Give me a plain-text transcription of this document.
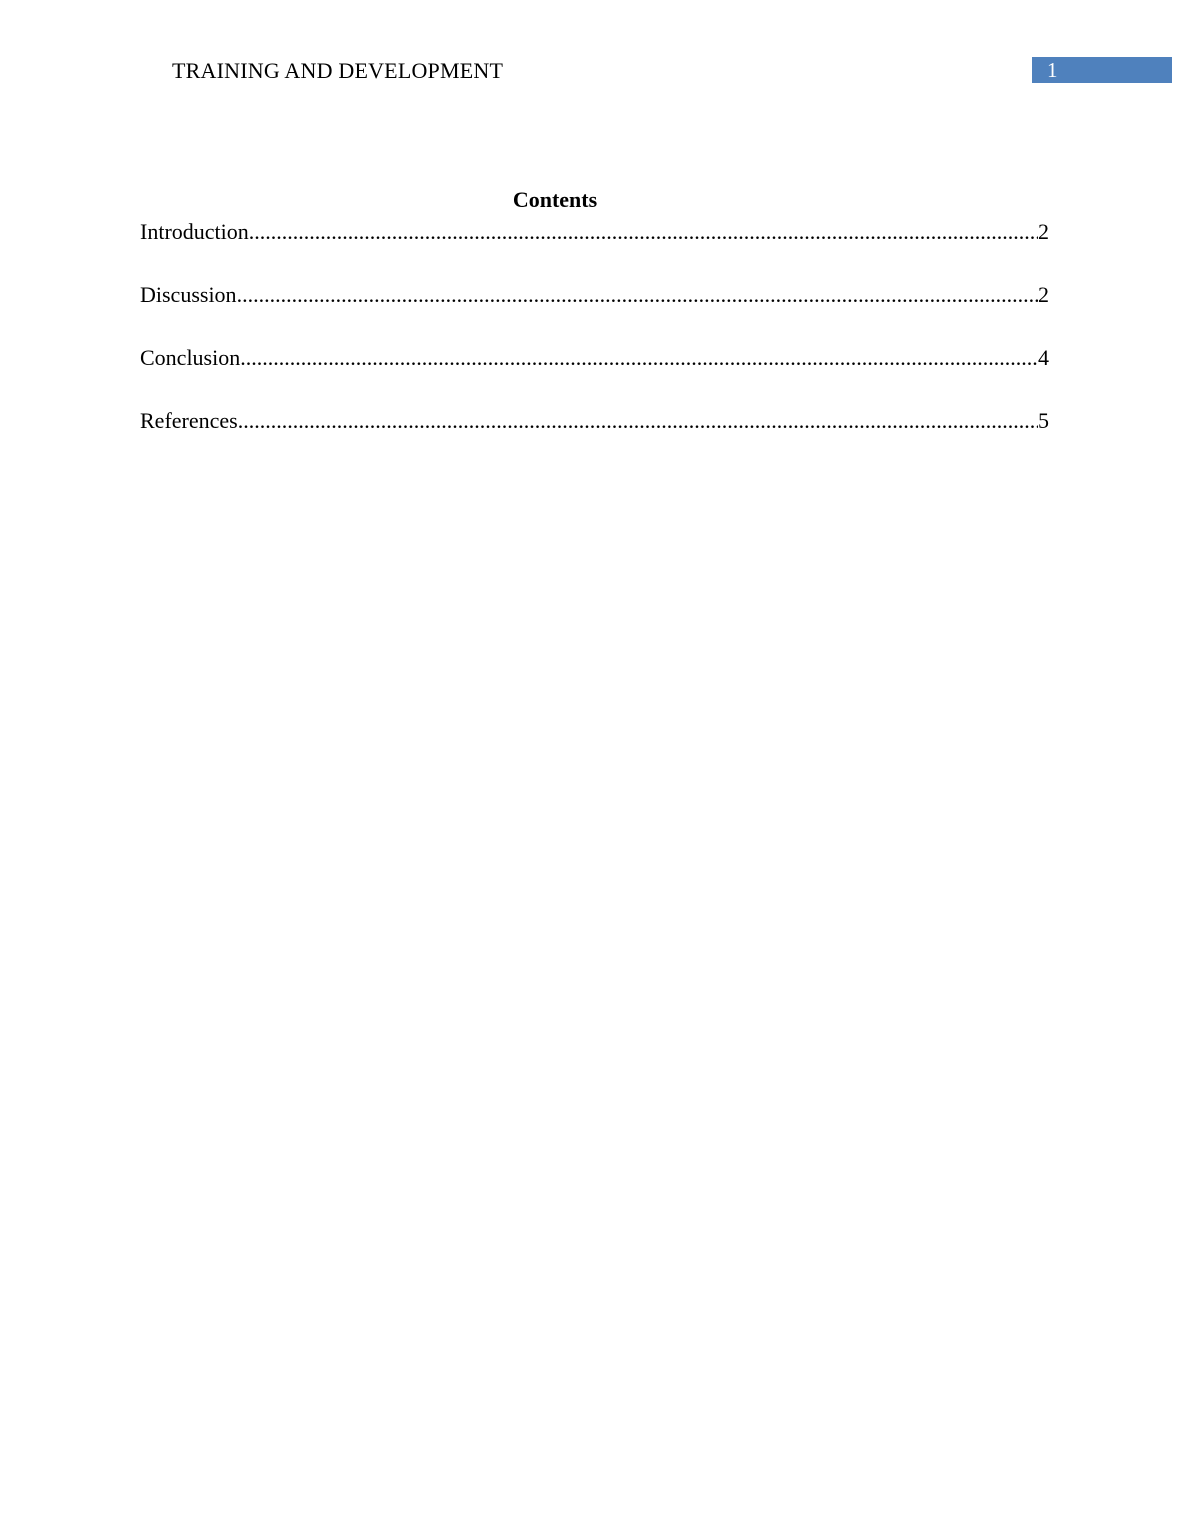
TRAINING AND DEVELOPMENT	1
Contents
Introduction .....	2
Discussion .....	2
Conclusion .....	4
References .....	5
